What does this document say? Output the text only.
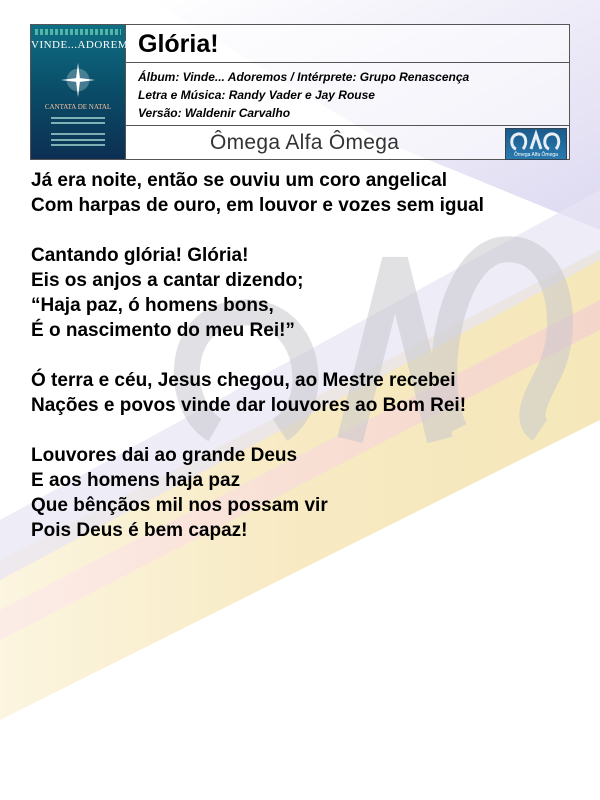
VINDE...ADOREMOS
CANTATA DE NATAL
Glória!
Álbum: Vinde... Adoremos / Intérprete: Grupo Renascença
Letra e Música: Randy Vader e Jay Rouse
Versão: Waldenir Carvalho
Ômega Alfa Ômega
Ômega Alfa Ômega
Já era noite, então se ouviu um coro angelical
Com harpas de ouro, em louvor e vozes sem igual
Cantando glória! Glória!
Eis os anjos a cantar dizendo;
“Haja paz, ó homens bons,
É o nascimento do meu Rei!”
Ó terra e céu, Jesus chegou, ao Mestre recebei
Nações e povos vinde dar louvores ao Bom Rei!
Louvores dai ao grande Deus
E aos homens haja paz
Que bênçãos mil nos possam vir
Pois Deus é bem capaz!
